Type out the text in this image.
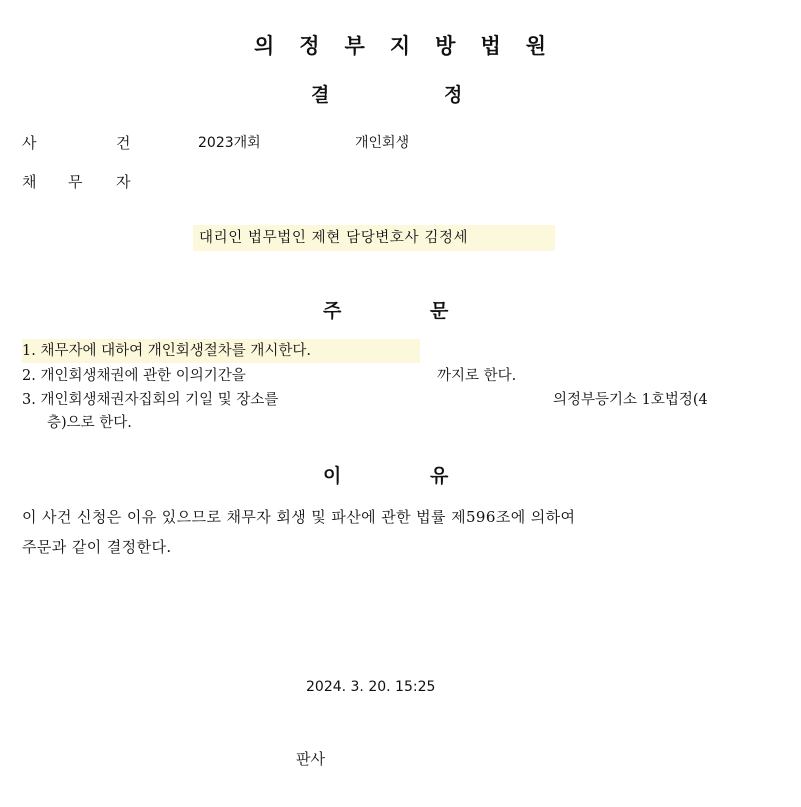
의 정 부 지 방 법 원
결	정
사	건	2023개회	개인회생
채 무 자
대리인 법무법인 제현 담당변호사 김정세
주	문
1. 채무자에 대하여 개인회생절차를 개시한다.
2. 개인회생채권에 관한 이의기간을	까지로 한다.
3. 개인회생채권자집회의 기일 및 장소를	의정부등기소 1호법정(4
층)으로 한다.
이	유
이 사건 신청은 이유 있으므로 채무자 회생 및 파산에 관한 법률 제596조에 의하여
주문과 같이 결정한다.
2024. 3. 20. 15:25
판사
